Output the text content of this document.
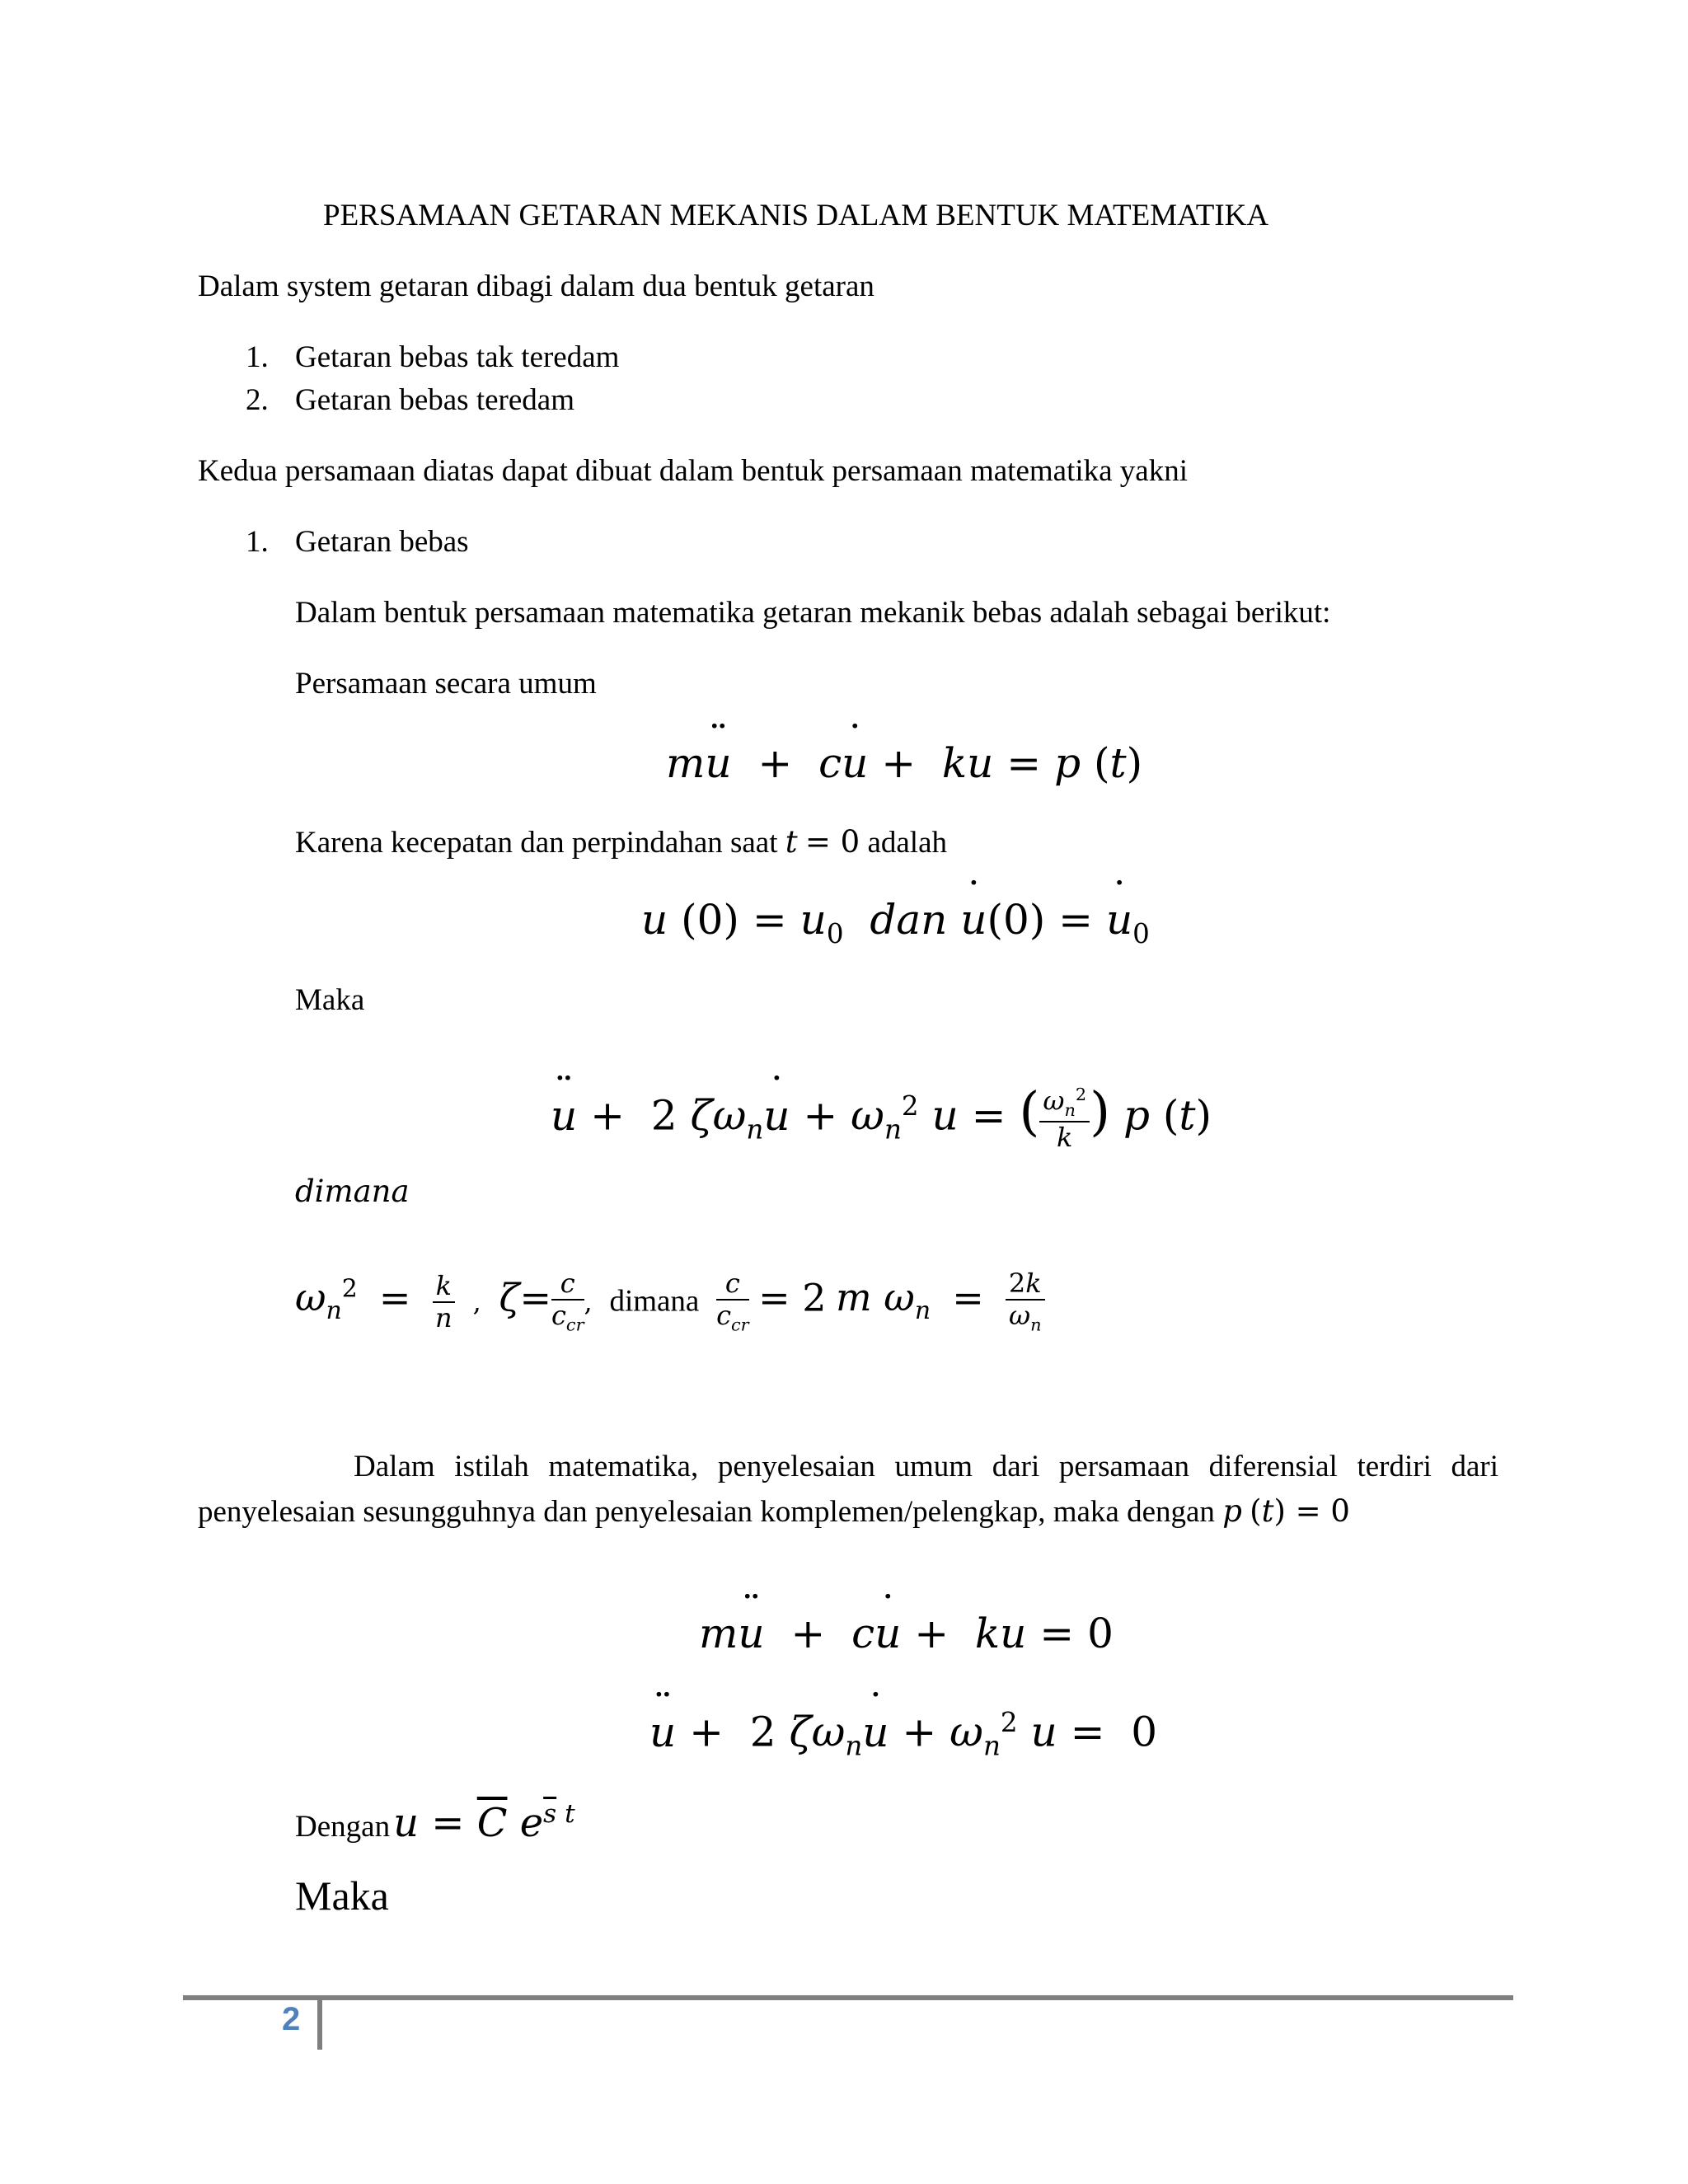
PERSAMAAN GETARAN MEKANIS DALAM BENTUK MATEMATIKA
Dalam system getaran dibagi dalam dua bentuk getaran
1. Getaran bebas tak teredam
2. Getaran bebas teredam
Kedua persamaan diatas dapat dibuat dalam bentuk persamaan matematika yakni
1. Getaran bebas
Dalam bentuk persamaan matematika getaran mekanik bebas adalah sebagai berikut:
Persamaan secara umum
mu ¨  +  cu ˙ +  ku = p (t)
Karena kecepatan dan perpindahan saat t = 0 adalah
u $(0) = u_0$  dan u ˙(0) = u $˙_0$
Maka
u ¨ +  2 $\zeta\omega_nu$ ˙ + $\omega_n^2$ u = ( $\frac{\omega_n^2}{k}$ ) p (t)
dimana
$\omega_n^2 = \frac{k}{n}$ ,  $\zeta= \frac{c}{c_{cr}}$ , dimana $\frac{c}{c_{cr}} = 2$ m $\omega_n = \frac{2k}{\omega_n}$
Dalam istilah matematika, penyelesaian umum dari persamaan diferensial terdiri dari
penyelesaian sesungguhnya dan penyelesaian komplemen/pelengkap, maka dengan p (t) = 0
mu ¨  +  cu ˙ +  ku = 0
u ¨ +  2 $\zeta\omega_nu$ ˙ + $\omega_n^2$ u =  0
Dengan $u = \overline{C}$ $e^{\overline{s} t}$
Maka
2
